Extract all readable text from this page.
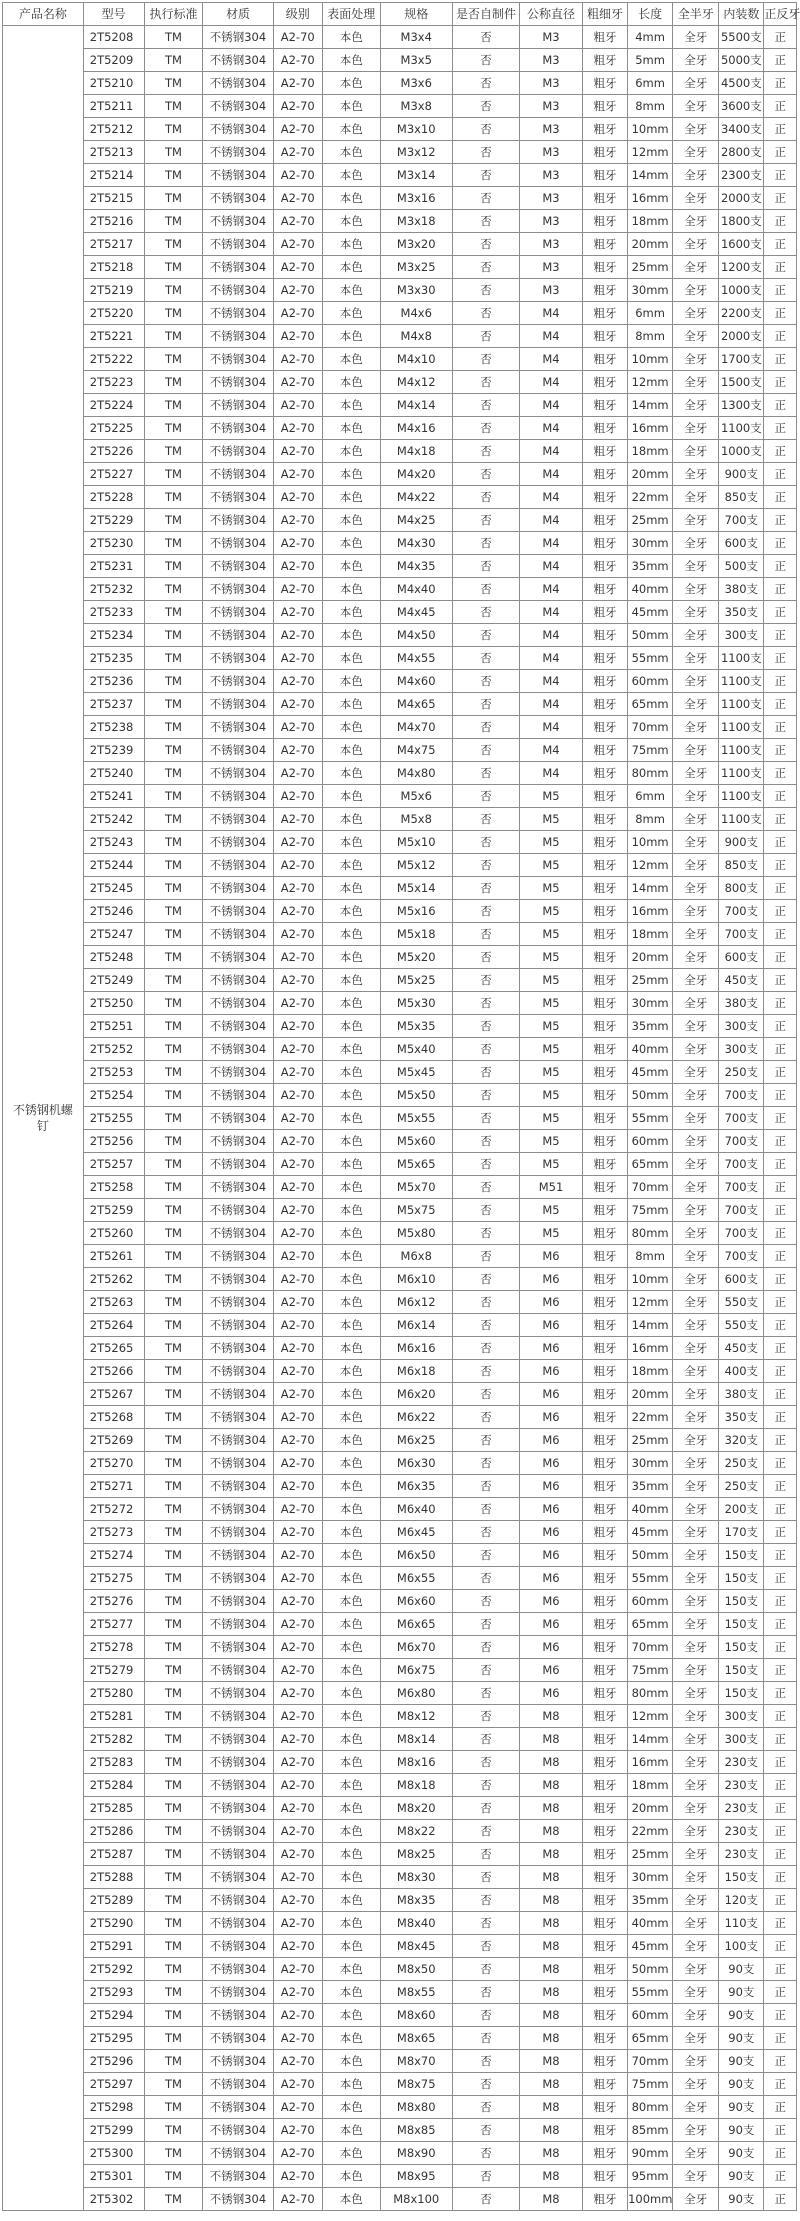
产品名称	型号	执行标准	材质	级别	表面处理	规格	是否自制件	公称直径	粗细牙	长度	全半牙	内装数	正反牙
不锈钢机螺钉	2T5208	TM	不锈钢304	A2-70	本色	M3x4	否	M3	粗牙	4mm	全牙	5500支	正
	2T5209	TM	不锈钢304	A2-70	本色	M3x5	否	M3	粗牙	5mm	全牙	5000支	正
	2T5210	TM	不锈钢304	A2-70	本色	M3x6	否	M3	粗牙	6mm	全牙	4500支	正
	2T5211	TM	不锈钢304	A2-70	本色	M3x8	否	M3	粗牙	8mm	全牙	3600支	正
	2T5212	TM	不锈钢304	A2-70	本色	M3x10	否	M3	粗牙	10mm	全牙	3400支	正
	2T5213	TM	不锈钢304	A2-70	本色	M3x12	否	M3	粗牙	12mm	全牙	2800支	正
	2T5214	TM	不锈钢304	A2-70	本色	M3x14	否	M3	粗牙	14mm	全牙	2300支	正
	2T5215	TM	不锈钢304	A2-70	本色	M3x16	否	M3	粗牙	16mm	全牙	2000支	正
	2T5216	TM	不锈钢304	A2-70	本色	M3x18	否	M3	粗牙	18mm	全牙	1800支	正
	2T5217	TM	不锈钢304	A2-70	本色	M3x20	否	M3	粗牙	20mm	全牙	1600支	正
	2T5218	TM	不锈钢304	A2-70	本色	M3x25	否	M3	粗牙	25mm	全牙	1200支	正
	2T5219	TM	不锈钢304	A2-70	本色	M3x30	否	M3	粗牙	30mm	全牙	1000支	正
	2T5220	TM	不锈钢304	A2-70	本色	M4x6	否	M4	粗牙	6mm	全牙	2200支	正
	2T5221	TM	不锈钢304	A2-70	本色	M4x8	否	M4	粗牙	8mm	全牙	2000支	正
	2T5222	TM	不锈钢304	A2-70	本色	M4x10	否	M4	粗牙	10mm	全牙	1700支	正
	2T5223	TM	不锈钢304	A2-70	本色	M4x12	否	M4	粗牙	12mm	全牙	1500支	正
	2T5224	TM	不锈钢304	A2-70	本色	M4x14	否	M4	粗牙	14mm	全牙	1300支	正
	2T5225	TM	不锈钢304	A2-70	本色	M4x16	否	M4	粗牙	16mm	全牙	1100支	正
	2T5226	TM	不锈钢304	A2-70	本色	M4x18	否	M4	粗牙	18mm	全牙	1000支	正
	2T5227	TM	不锈钢304	A2-70	本色	M4x20	否	M4	粗牙	20mm	全牙	900支	正
	2T5228	TM	不锈钢304	A2-70	本色	M4x22	否	M4	粗牙	22mm	全牙	850支	正
	2T5229	TM	不锈钢304	A2-70	本色	M4x25	否	M4	粗牙	25mm	全牙	700支	正
	2T5230	TM	不锈钢304	A2-70	本色	M4x30	否	M4	粗牙	30mm	全牙	600支	正
	2T5231	TM	不锈钢304	A2-70	本色	M4x35	否	M4	粗牙	35mm	全牙	500支	正
	2T5232	TM	不锈钢304	A2-70	本色	M4x40	否	M4	粗牙	40mm	全牙	380支	正
	2T5233	TM	不锈钢304	A2-70	本色	M4x45	否	M4	粗牙	45mm	全牙	350支	正
	2T5234	TM	不锈钢304	A2-70	本色	M4x50	否	M4	粗牙	50mm	全牙	300支	正
	2T5235	TM	不锈钢304	A2-70	本色	M4x55	否	M4	粗牙	55mm	全牙	1100支	正
	2T5236	TM	不锈钢304	A2-70	本色	M4x60	否	M4	粗牙	60mm	全牙	1100支	正
	2T5237	TM	不锈钢304	A2-70	本色	M4x65	否	M4	粗牙	65mm	全牙	1100支	正
	2T5238	TM	不锈钢304	A2-70	本色	M4x70	否	M4	粗牙	70mm	全牙	1100支	正
	2T5239	TM	不锈钢304	A2-70	本色	M4x75	否	M4	粗牙	75mm	全牙	1100支	正
	2T5240	TM	不锈钢304	A2-70	本色	M4x80	否	M4	粗牙	80mm	全牙	1100支	正
	2T5241	TM	不锈钢304	A2-70	本色	M5x6	否	M5	粗牙	6mm	全牙	1100支	正
	2T5242	TM	不锈钢304	A2-70	本色	M5x8	否	M5	粗牙	8mm	全牙	1100支	正
	2T5243	TM	不锈钢304	A2-70	本色	M5x10	否	M5	粗牙	10mm	全牙	900支	正
	2T5244	TM	不锈钢304	A2-70	本色	M5x12	否	M5	粗牙	12mm	全牙	850支	正
	2T5245	TM	不锈钢304	A2-70	本色	M5x14	否	M5	粗牙	14mm	全牙	800支	正
	2T5246	TM	不锈钢304	A2-70	本色	M5x16	否	M5	粗牙	16mm	全牙	700支	正
	2T5247	TM	不锈钢304	A2-70	本色	M5x18	否	M5	粗牙	18mm	全牙	700支	正
	2T5248	TM	不锈钢304	A2-70	本色	M5x20	否	M5	粗牙	20mm	全牙	600支	正
	2T5249	TM	不锈钢304	A2-70	本色	M5x25	否	M5	粗牙	25mm	全牙	450支	正
	2T5250	TM	不锈钢304	A2-70	本色	M5x30	否	M5	粗牙	30mm	全牙	380支	正
	2T5251	TM	不锈钢304	A2-70	本色	M5x35	否	M5	粗牙	35mm	全牙	300支	正
	2T5252	TM	不锈钢304	A2-70	本色	M5x40	否	M5	粗牙	40mm	全牙	300支	正
	2T5253	TM	不锈钢304	A2-70	本色	M5x45	否	M5	粗牙	45mm	全牙	250支	正
	2T5254	TM	不锈钢304	A2-70	本色	M5x50	否	M5	粗牙	50mm	全牙	700支	正
	2T5255	TM	不锈钢304	A2-70	本色	M5x55	否	M5	粗牙	55mm	全牙	700支	正
	2T5256	TM	不锈钢304	A2-70	本色	M5x60	否	M5	粗牙	60mm	全牙	700支	正
	2T5257	TM	不锈钢304	A2-70	本色	M5x65	否	M5	粗牙	65mm	全牙	700支	正
	2T5258	TM	不锈钢304	A2-70	本色	M5x70	否	M51	粗牙	70mm	全牙	700支	正
	2T5259	TM	不锈钢304	A2-70	本色	M5x75	否	M5	粗牙	75mm	全牙	700支	正
	2T5260	TM	不锈钢304	A2-70	本色	M5x80	否	M5	粗牙	80mm	全牙	700支	正
	2T5261	TM	不锈钢304	A2-70	本色	M6x8	否	M6	粗牙	8mm	全牙	700支	正
	2T5262	TM	不锈钢304	A2-70	本色	M6x10	否	M6	粗牙	10mm	全牙	600支	正
	2T5263	TM	不锈钢304	A2-70	本色	M6x12	否	M6	粗牙	12mm	全牙	550支	正
	2T5264	TM	不锈钢304	A2-70	本色	M6x14	否	M6	粗牙	14mm	全牙	550支	正
	2T5265	TM	不锈钢304	A2-70	本色	M6x16	否	M6	粗牙	16mm	全牙	450支	正
	2T5266	TM	不锈钢304	A2-70	本色	M6x18	否	M6	粗牙	18mm	全牙	400支	正
	2T5267	TM	不锈钢304	A2-70	本色	M6x20	否	M6	粗牙	20mm	全牙	380支	正
	2T5268	TM	不锈钢304	A2-70	本色	M6x22	否	M6	粗牙	22mm	全牙	350支	正
	2T5269	TM	不锈钢304	A2-70	本色	M6x25	否	M6	粗牙	25mm	全牙	320支	正
	2T5270	TM	不锈钢304	A2-70	本色	M6x30	否	M6	粗牙	30mm	全牙	250支	正
	2T5271	TM	不锈钢304	A2-70	本色	M6x35	否	M6	粗牙	35mm	全牙	250支	正
	2T5272	TM	不锈钢304	A2-70	本色	M6x40	否	M6	粗牙	40mm	全牙	200支	正
	2T5273	TM	不锈钢304	A2-70	本色	M6x45	否	M6	粗牙	45mm	全牙	170支	正
	2T5274	TM	不锈钢304	A2-70	本色	M6x50	否	M6	粗牙	50mm	全牙	150支	正
	2T5275	TM	不锈钢304	A2-70	本色	M6x55	否	M6	粗牙	55mm	全牙	150支	正
	2T5276	TM	不锈钢304	A2-70	本色	M6x60	否	M6	粗牙	60mm	全牙	150支	正
	2T5277	TM	不锈钢304	A2-70	本色	M6x65	否	M6	粗牙	65mm	全牙	150支	正
	2T5278	TM	不锈钢304	A2-70	本色	M6x70	否	M6	粗牙	70mm	全牙	150支	正
	2T5279	TM	不锈钢304	A2-70	本色	M6x75	否	M6	粗牙	75mm	全牙	150支	正
	2T5280	TM	不锈钢304	A2-70	本色	M6x80	否	M6	粗牙	80mm	全牙	150支	正
	2T5281	TM	不锈钢304	A2-70	本色	M8x12	否	M8	粗牙	12mm	全牙	300支	正
	2T5282	TM	不锈钢304	A2-70	本色	M8x14	否	M8	粗牙	14mm	全牙	300支	正
	2T5283	TM	不锈钢304	A2-70	本色	M8x16	否	M8	粗牙	16mm	全牙	230支	正
	2T5284	TM	不锈钢304	A2-70	本色	M8x18	否	M8	粗牙	18mm	全牙	230支	正
	2T5285	TM	不锈钢304	A2-70	本色	M8x20	否	M8	粗牙	20mm	全牙	230支	正
	2T5286	TM	不锈钢304	A2-70	本色	M8x22	否	M8	粗牙	22mm	全牙	230支	正
	2T5287	TM	不锈钢304	A2-70	本色	M8x25	否	M8	粗牙	25mm	全牙	230支	正
	2T5288	TM	不锈钢304	A2-70	本色	M8x30	否	M8	粗牙	30mm	全牙	150支	正
	2T5289	TM	不锈钢304	A2-70	本色	M8x35	否	M8	粗牙	35mm	全牙	120支	正
	2T5290	TM	不锈钢304	A2-70	本色	M8x40	否	M8	粗牙	40mm	全牙	110支	正
	2T5291	TM	不锈钢304	A2-70	本色	M8x45	否	M8	粗牙	45mm	全牙	100支	正
	2T5292	TM	不锈钢304	A2-70	本色	M8x50	否	M8	粗牙	50mm	全牙	90支	正
	2T5293	TM	不锈钢304	A2-70	本色	M8x55	否	M8	粗牙	55mm	全牙	90支	正
	2T5294	TM	不锈钢304	A2-70	本色	M8x60	否	M8	粗牙	60mm	全牙	90支	正
	2T5295	TM	不锈钢304	A2-70	本色	M8x65	否	M8	粗牙	65mm	全牙	90支	正
	2T5296	TM	不锈钢304	A2-70	本色	M8x70	否	M8	粗牙	70mm	全牙	90支	正
	2T5297	TM	不锈钢304	A2-70	本色	M8x75	否	M8	粗牙	75mm	全牙	90支	正
	2T5298	TM	不锈钢304	A2-70	本色	M8x80	否	M8	粗牙	80mm	全牙	90支	正
	2T5299	TM	不锈钢304	A2-70	本色	M8x85	否	M8	粗牙	85mm	全牙	90支	正
	2T5300	TM	不锈钢304	A2-70	本色	M8x90	否	M8	粗牙	90mm	全牙	90支	正
	2T5301	TM	不锈钢304	A2-70	本色	M8x95	否	M8	粗牙	95mm	全牙	90支	正
	2T5302	TM	不锈钢304	A2-70	本色	M8x100	否	M8	粗牙	100mm	全牙	90支	正
